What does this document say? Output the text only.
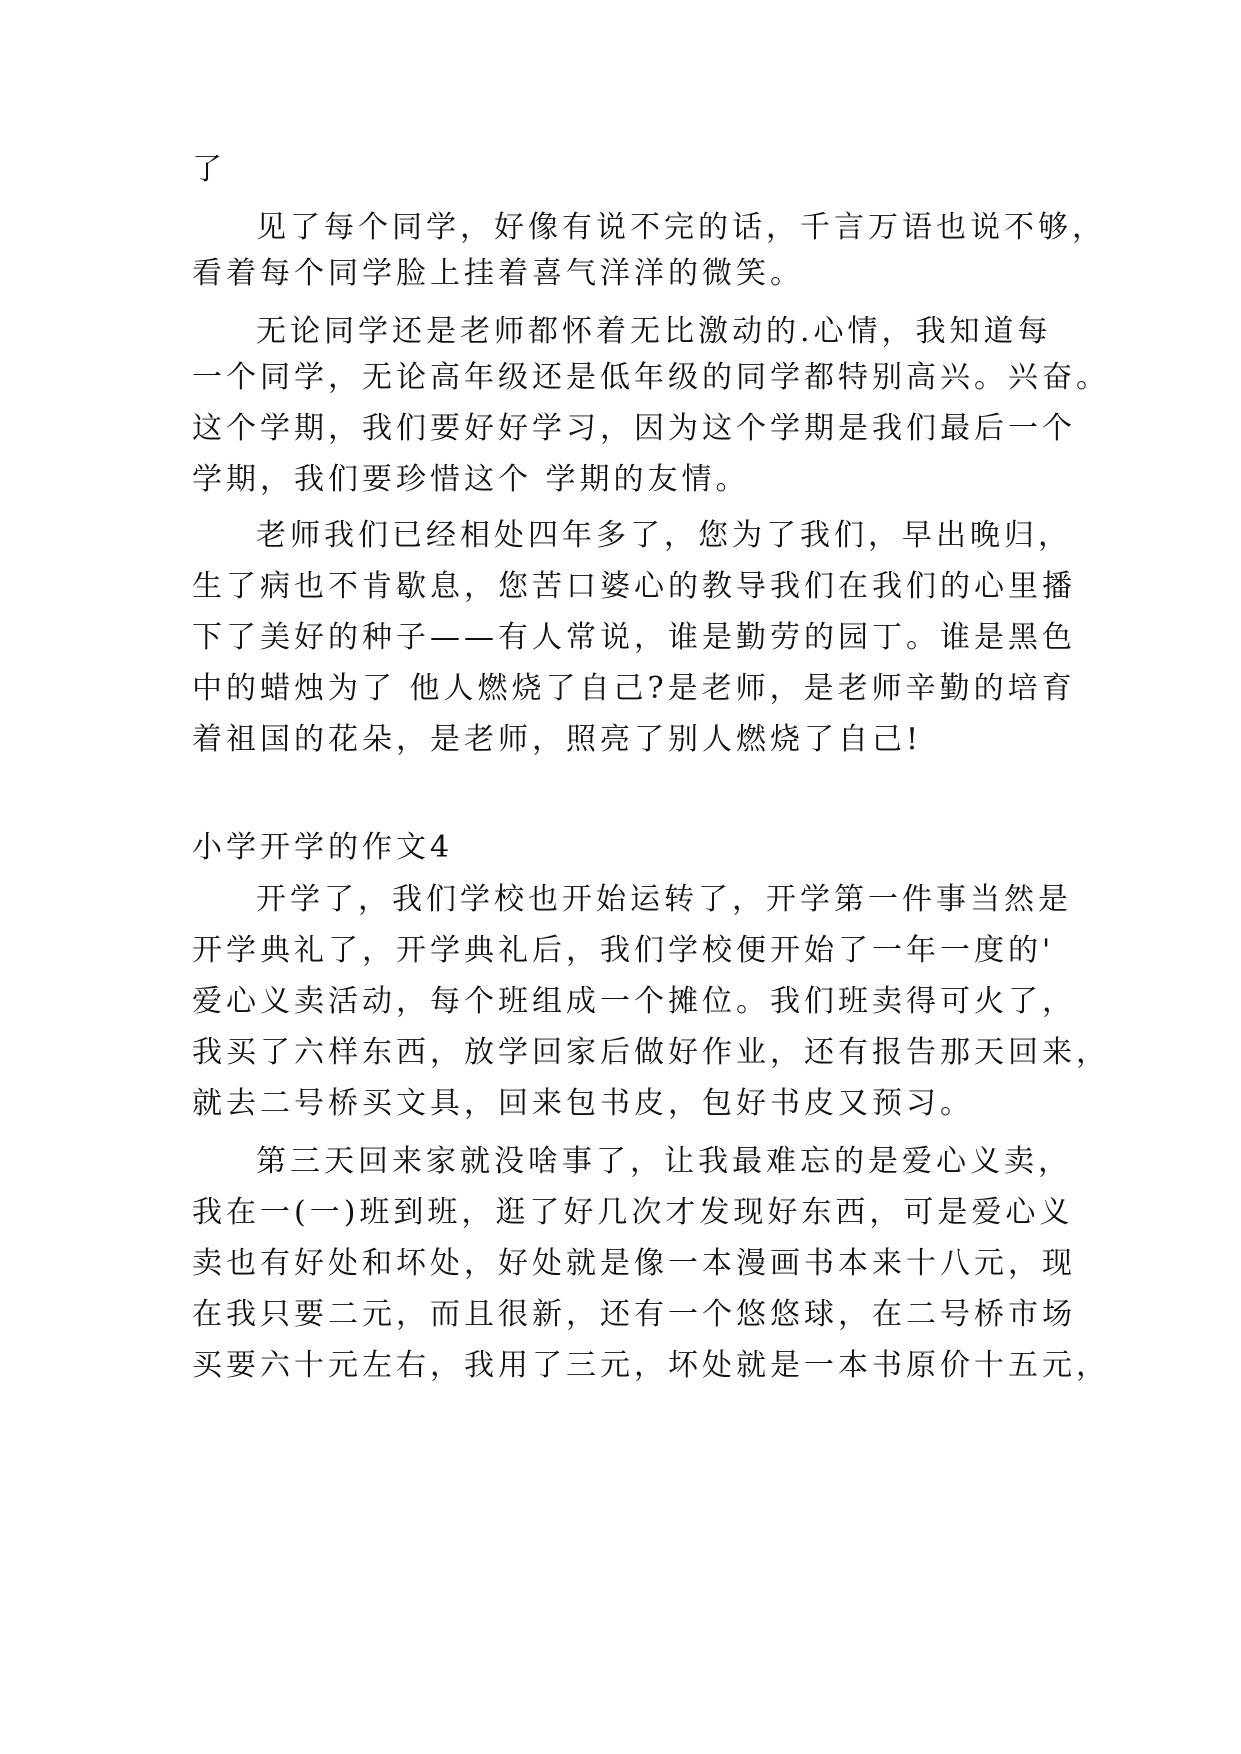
了
见了每个同学，好像有说不完的话，千言万语也说不够，
看着每个同学脸上挂着喜气洋洋的微笑。
无论同学还是老师都怀着无比激动的.心情，我知道每
一个同学，无论高年级还是低年级的同学都特别高兴。兴奋。
这个学期，我们要好好学习，因为这个学期是我们最后一个
学期，我们要珍惜这个 学期的友情。
老师我们已经相处四年多了，您为了我们，早出晚归，
生了病也不肯歇息，您苦口婆心的教导我们在我们的心里播
下了美好的种子——有人常说，谁是勤劳的园丁。谁是黑色
中的蜡烛为了 他人燃烧了自己?是老师，是老师辛勤的培育
着祖国的花朵，是老师，照亮了别人燃烧了自己!
小学开学的作文4
开学了，我们学校也开始运转了，开学第一件事当然是
开学典礼了，开学典礼后，我们学校便开始了一年一度的'
爱心义卖活动，每个班组成一个摊位。我们班卖得可火了，
我买了六样东西，放学回家后做好作业，还有报告那天回来，
就去二号桥买文具，回来包书皮，包好书皮又预习。
第三天回来家就没啥事了，让我最难忘的是爱心义卖，
我在一(一)班到班，逛了好几次才发现好东西，可是爱心义
卖也有好处和坏处，好处就是像一本漫画书本来十八元，现
在我只要二元，而且很新，还有一个悠悠球，在二号桥市场
买要六十元左右，我用了三元，坏处就是一本书原价十五元，
